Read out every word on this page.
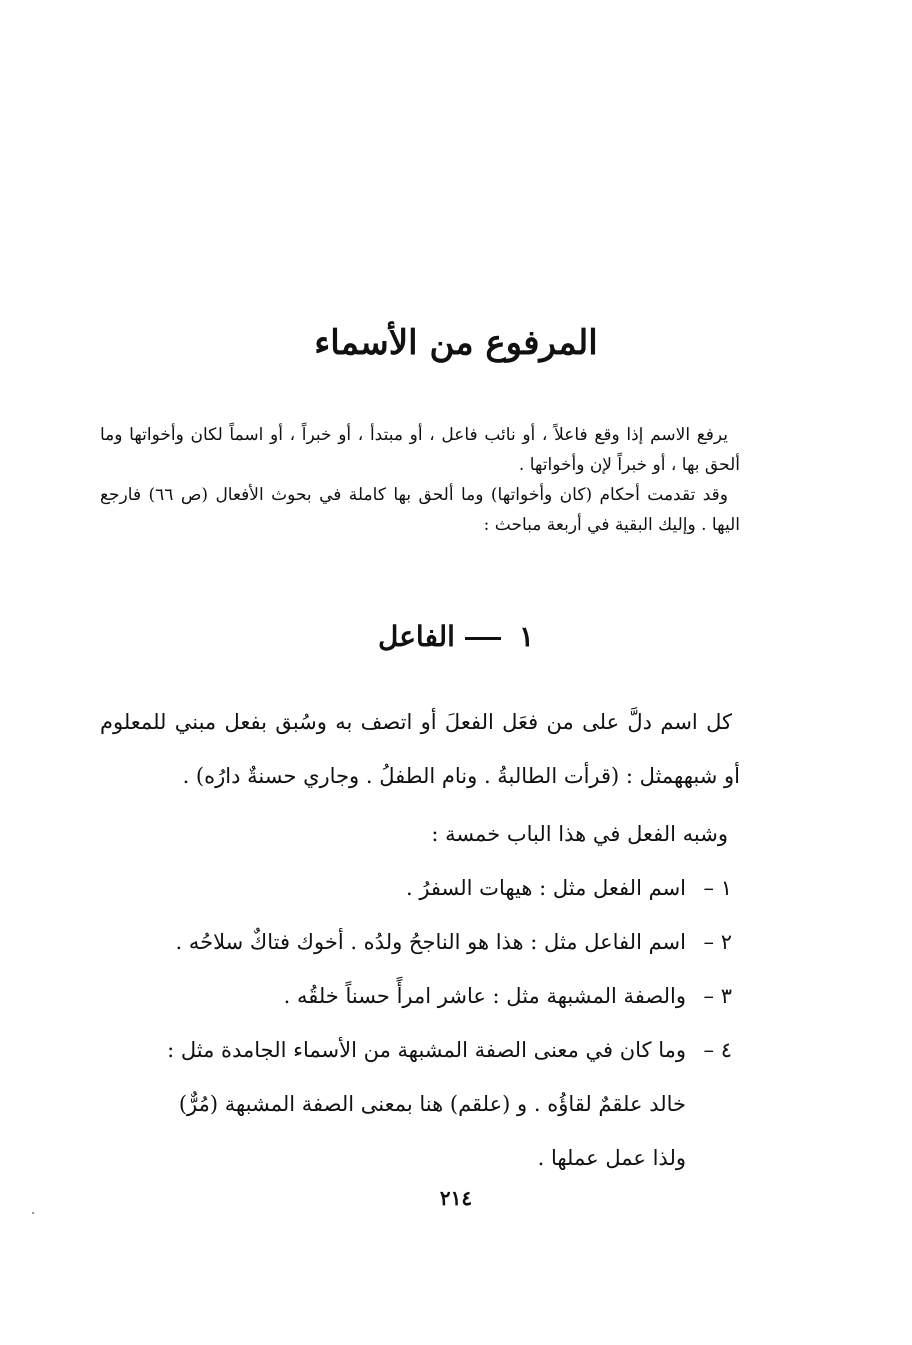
المرفوع من الأسماء

يرفع الاسم إذا وقع فاعلاً ، أو نائب فاعل ، أو مبتدأ ، أو خبراً ، أو اسماً لكان وأخواتها وما ألحق بها ، أو خبراً لإن وأخواتها .

وقد تقدمت أحكام (كان وأخواتها) وما ألحق بها كاملة في بحوث الأفعال (ص ٦٦) فارجع اليها . وإليك البقية في أربعة مباحث :

١الفاعل

كل اسم دلَّ على من فعَل الفعلَ أو اتصف به وسُبق بفعل مبني للمعلوم أو شبههمثل : (قرأت الطالبةُ . ونام الطفلُ . وجاري حسنةٌ دارُه) .

وشبه الفعل في هذا الباب خمسة :

١ –
اسم الفعل مثل : هيهات السفرُ .
٢ –
اسم الفاعل مثل : هذا هو الناجحُ ولدُه . أخوك فتاكٌ سلاحُه .
٣ –
والصفة المشبهة مثل : عاشر امرأً حسناً خلقُه .
٤ –
وما كان في معنى الصفة المشبهة من الأسماء الجامدة مثل :
خالد علقمٌ لقاؤُه . و (علقم) هنا بمعنى الصفة المشبهة (مُرٌّ)
ولذا عمل عملها .
٢١٤
